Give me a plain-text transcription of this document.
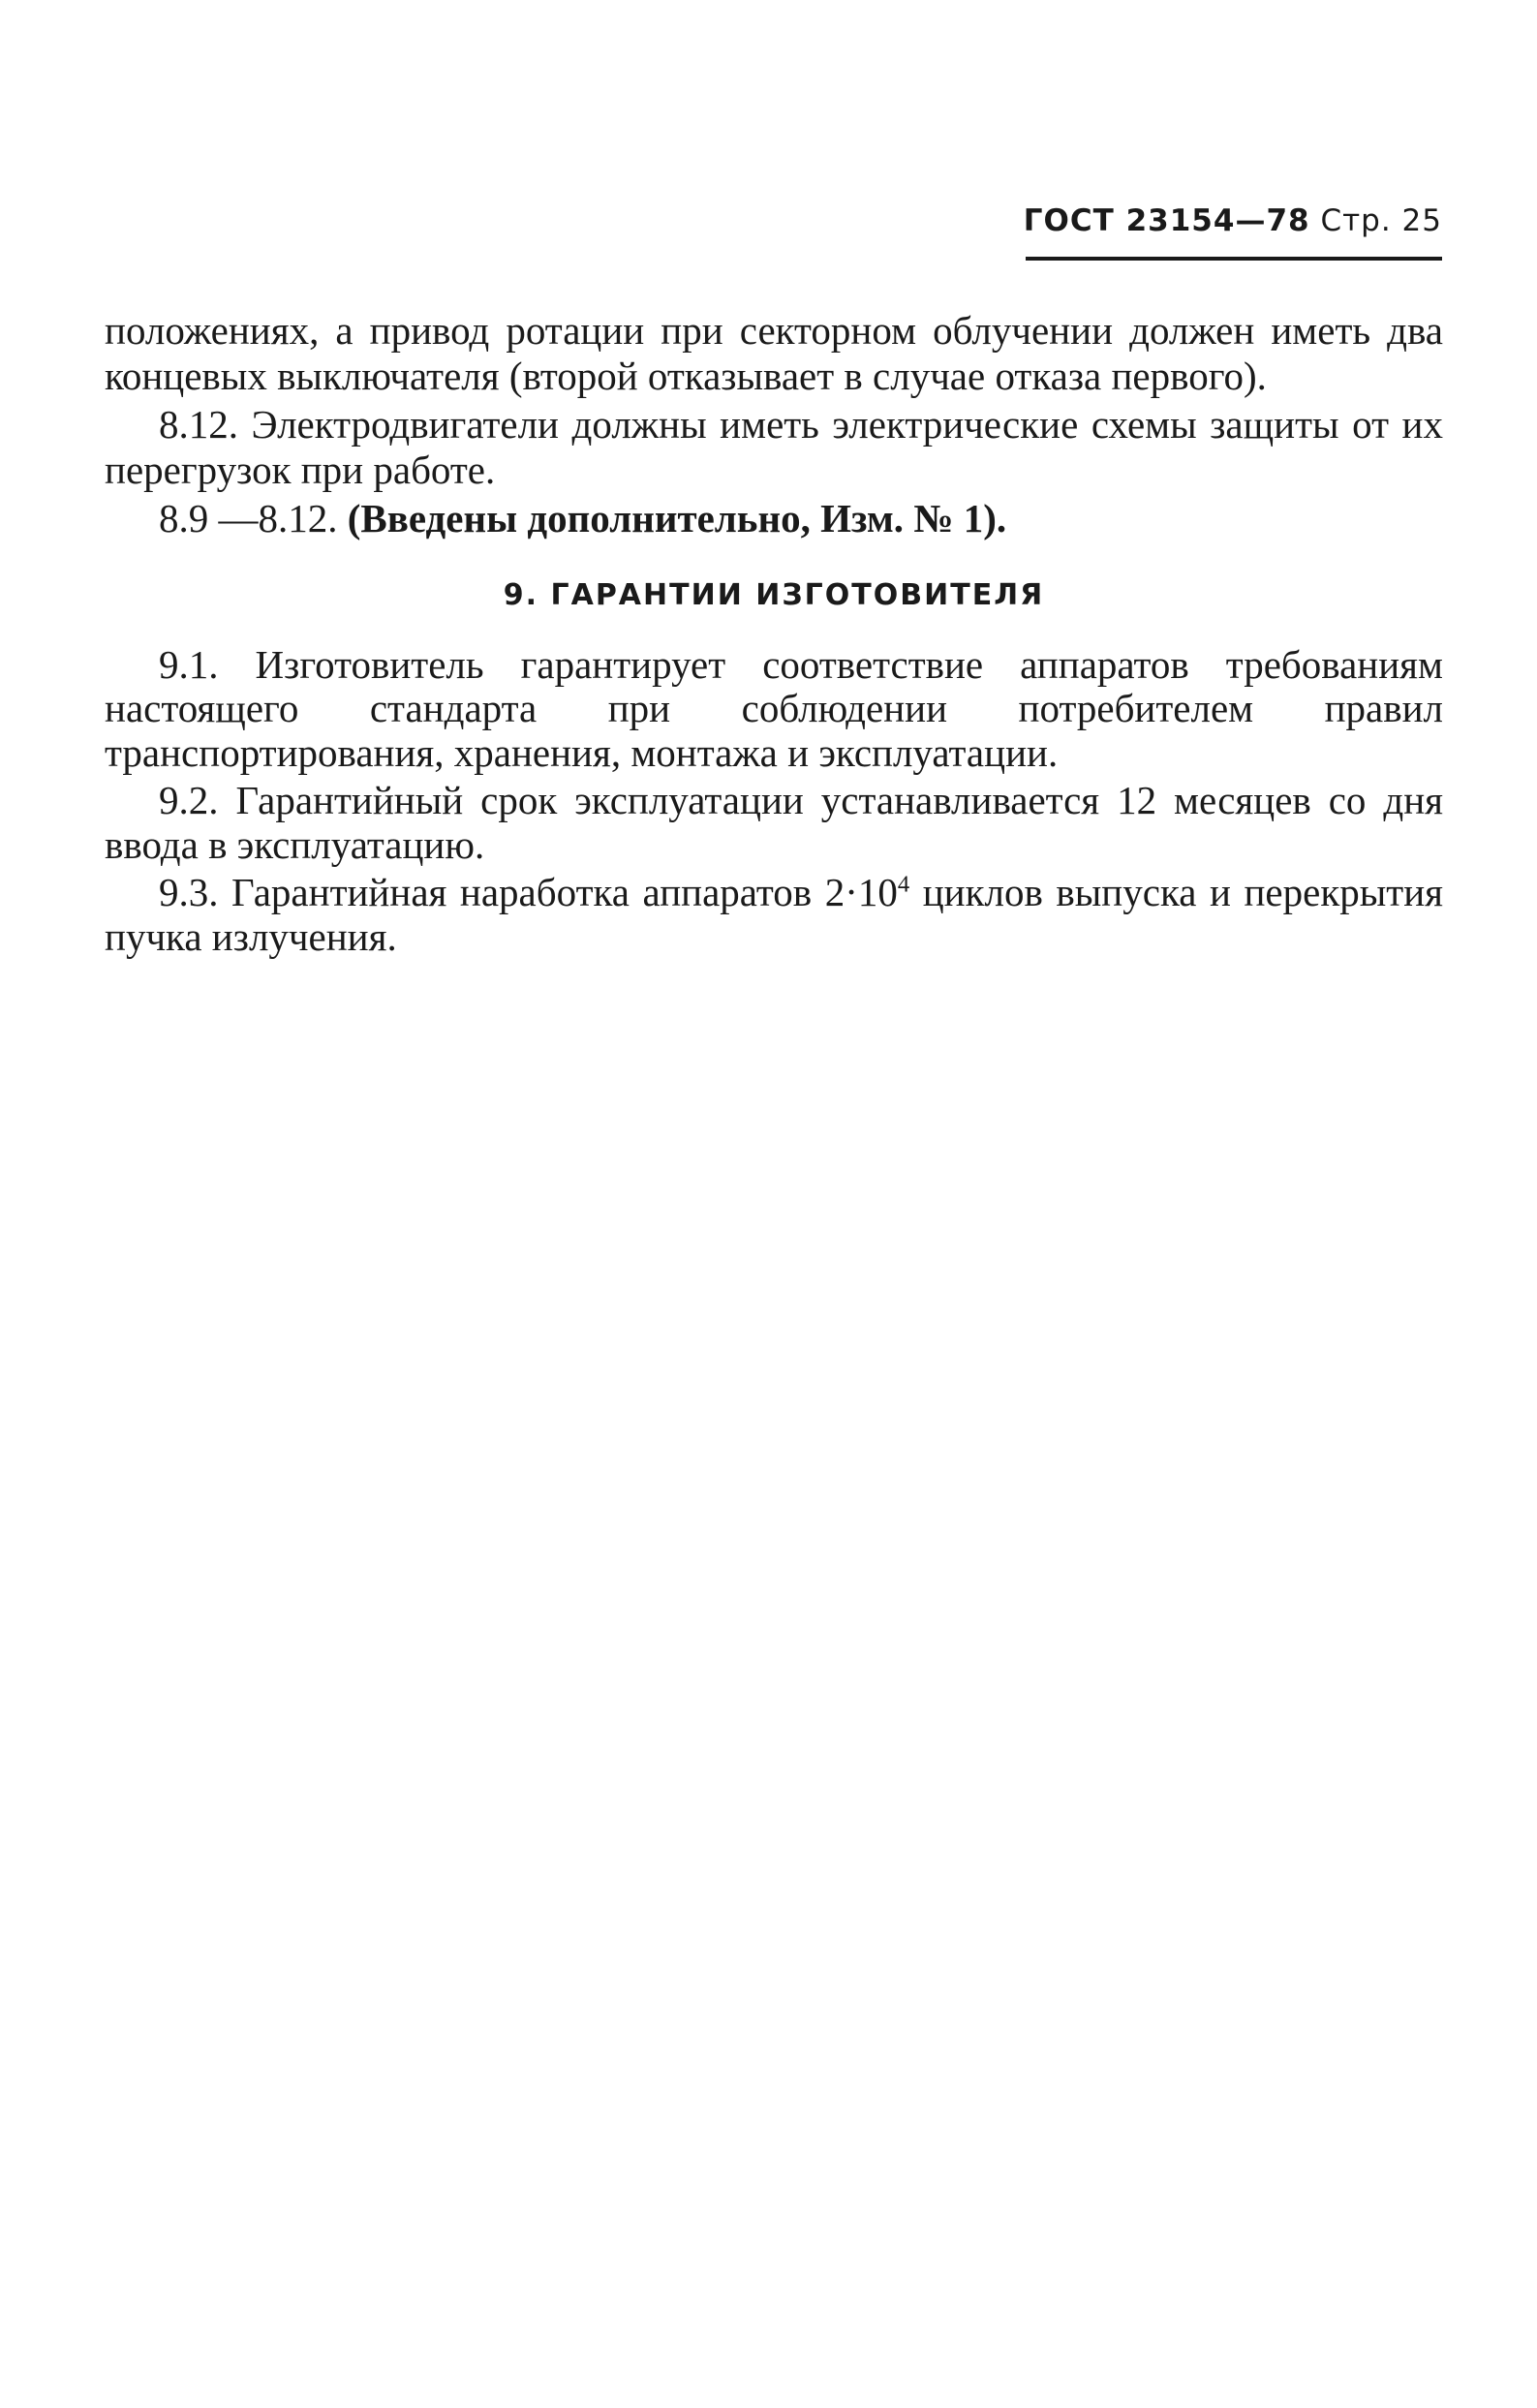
ГОСТ 23154—78 Стр. 25

положениях, а привод ротации при секторном облучении должен иметь два концевых выключателя (второй отказывает в случае отказа первого).

8.12. Электродвигатели должны иметь электрические схемы защиты от их перегрузок при работе.

8.9 —8.12. (Введены дополнительно, Изм. № 1).

9. ГАРАНТИИ ИЗГОТОВИТЕЛЯ

9.1. Изготовитель гарантирует соответствие аппаратов требованиям настоящего стандарта при соблюдении потребителем правил транспортирования, хранения, монтажа и эксплуатации.

9.2. Гарантийный срок эксплуатации устанавливается 12 месяцев со дня ввода в эксплуатацию.

9.3. Гарантийная наработка аппаратов $2\cdot 10^4$ циклов выпуска и перекрытия пучка излучения.
